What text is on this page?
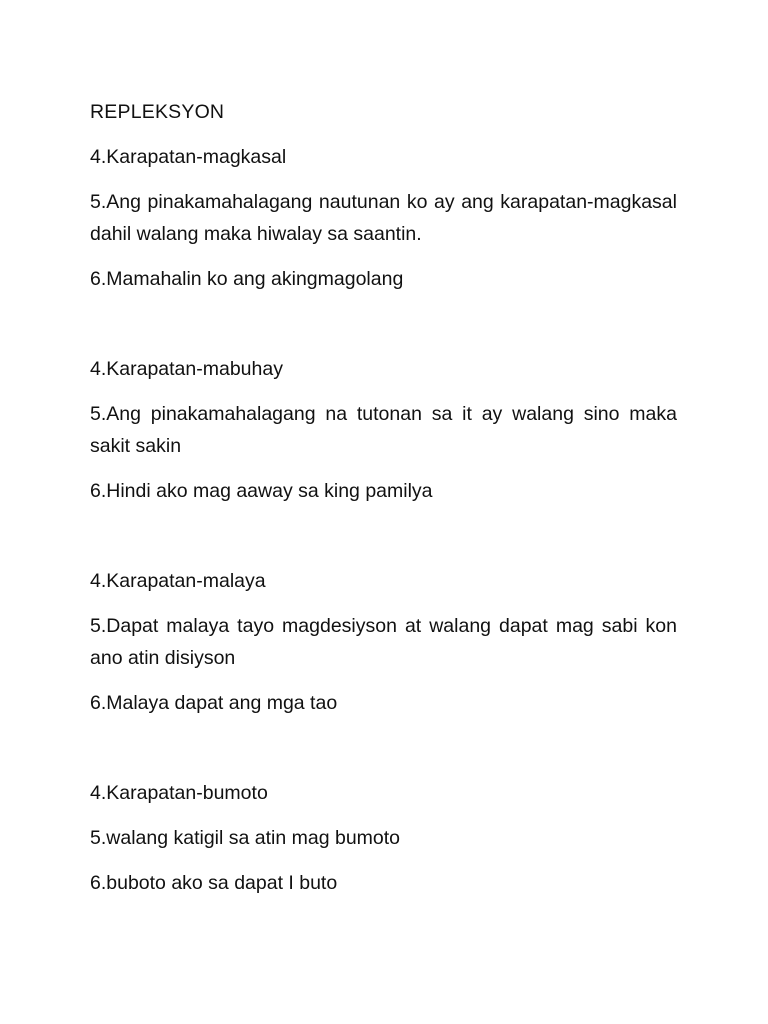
REPLEKSYON
4.Karapatan-magkasal
5.Ang pinakamahalagang nautunan ko ay ang karapatan-magkasal dahil walang maka hiwalay sa saantin.
6.Mamahalin ko ang akingmagolang
4.Karapatan-mabuhay
5.Ang pinakamahalagang na tutonan sa it ay walang sino maka sakit sakin
6.Hindi ako mag aaway sa king pamilya
4.Karapatan-malaya
5.Dapat malaya tayo magdesiyson at walang dapat mag sabi kon ano atin disiyson
6.Malaya dapat ang mga tao
4.Karapatan-bumoto
5.walang katigil sa atin mag bumoto
6.buboto ako sa dapat I buto
